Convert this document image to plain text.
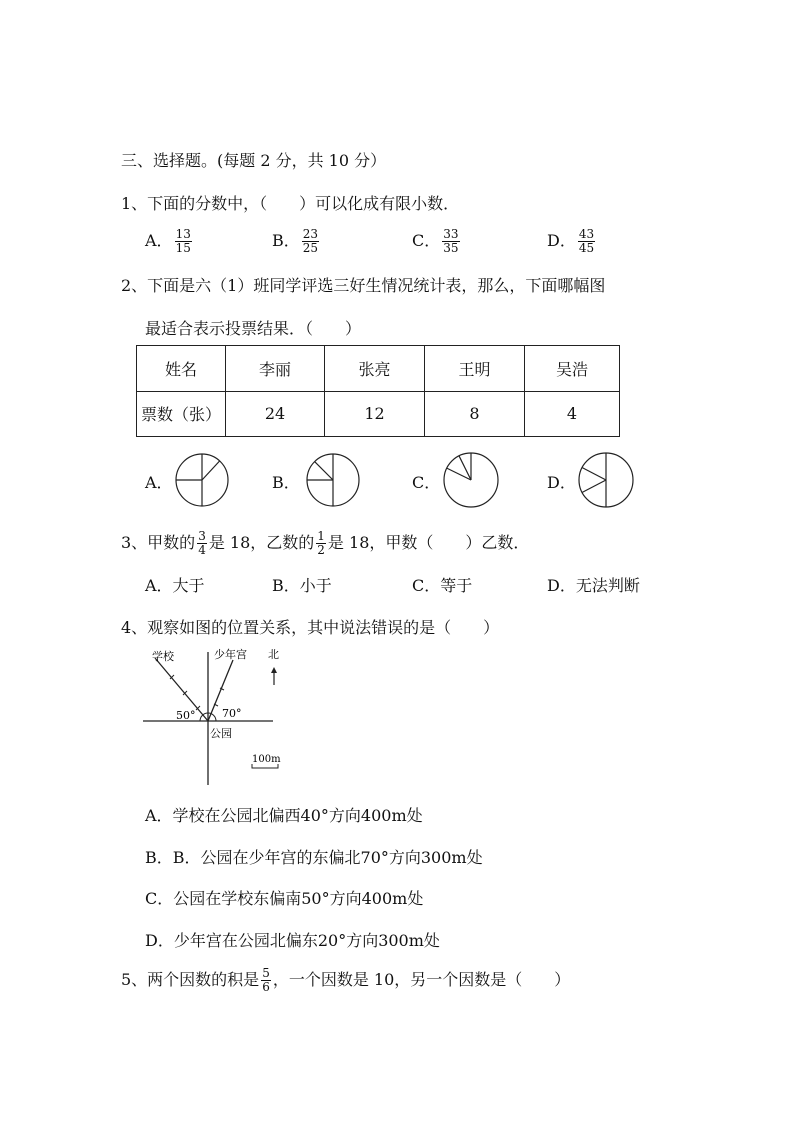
三、选择题。(每题 2 分，共 10 分）
1、下面的分数中，（　　）可以化成有限小数．
A． $\frac{13}{15}$	B． $\frac{23}{25}$	C． $\frac{33}{35}$	D． $\frac{43}{45}$
2、下面是六（1）班同学评选三好生情况统计表，那么，下面哪幅图
最适合表示投票结果．（　　）
姓名	李丽	张亮	王明	吴浩
票数（张）	24	12	8	4
A．	B．	C．	D．
3、甲数的 $\frac{3}{4}$ 是 18，乙数的 $\frac{1}{2}$ 是 18，甲数（　　）乙数．
A．大于	B．小于	C．等于	D．无法判断
4、观察如图的位置关系，其中说法错误的是（　　）
学校	少年宫 北
50° 70°
公园
100m
A．学校在公园北偏西40°方向400m处
B．B．公园在少年宫的东偏北70°方向300m处
C．公园在学校东偏南50°方向400m处
D．少年宫在公园北偏东20°方向300m处
5、两个因数的积是 $\frac{5}{6}$ ，一个因数是 10，另一个因数是（　　）
